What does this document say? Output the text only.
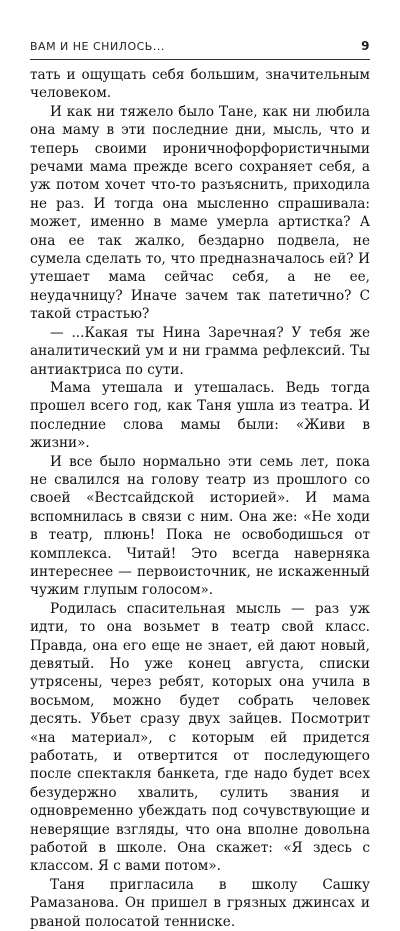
ВАМ И НЕ СНИЛОСЬ...	9

тать и ощущать себя большим, значительным человеком.

И как ни тяжело было Тане, как ни любила она маму в эти последние дни, мысль, что и теперь своими ироничнофорфористичными речами мама прежде всего сохраняет себя, а уж потом хочет что-то разъяснить, приходила не раз. И тогда она мысленно спрашивала: может, именно в маме умерла артистка? А она ее так жалко, бездарно подвела, не сумела сделать то, что предназначалось ей? И утешает мама сейчас себя, а не ее, неудачницу? Иначе зачем так патетично? С такой страстью?

— ...Какая ты Нина Заречная? У тебя же аналитический ум и ни грамма рефлексий. Ты антиактриса по сути.

Мама утешала и утешалась. Ведь тогда прошел всего год, как Таня ушла из театра. И последние слова мамы были: «Живи в жизни».

И все было нормально эти семь лет, пока не свалился на голову театр из прошлого со своей «Вестсайдской историей». И мама вспомнилась в связи с ним. Она же: «Не ходи в театр, плюнь! Пока не освободишься от комплекса. Читай! Это всегда наверняка интереснее — первоисточник, не искаженный чужим глупым голосом».

Родилась спасительная мысль — раз уж идти, то она возьмет в театр свой класс. Правда, она его еще не знает, ей дают новый, девятый. Но уже конец августа, списки утрясены, через ребят, которых она учила в восьмом, можно будет собрать человек десять. Убьет сразу двух зайцев. Посмотрит «на материал», с которым ей придется работать, и отвертится от последующего после спектакля банкета, где надо будет всех безудержно хвалить, сулить звания и одновременно убеждать под сочувствующие и неверящие взгляды, что она вполне довольна работой в школе. Она скажет: «Я здесь с классом. Я с вами потом».

Таня пригласила в школу Сашку Рамазанова. Он пришел в грязных джинсах и рваной полосатой тенниске.
